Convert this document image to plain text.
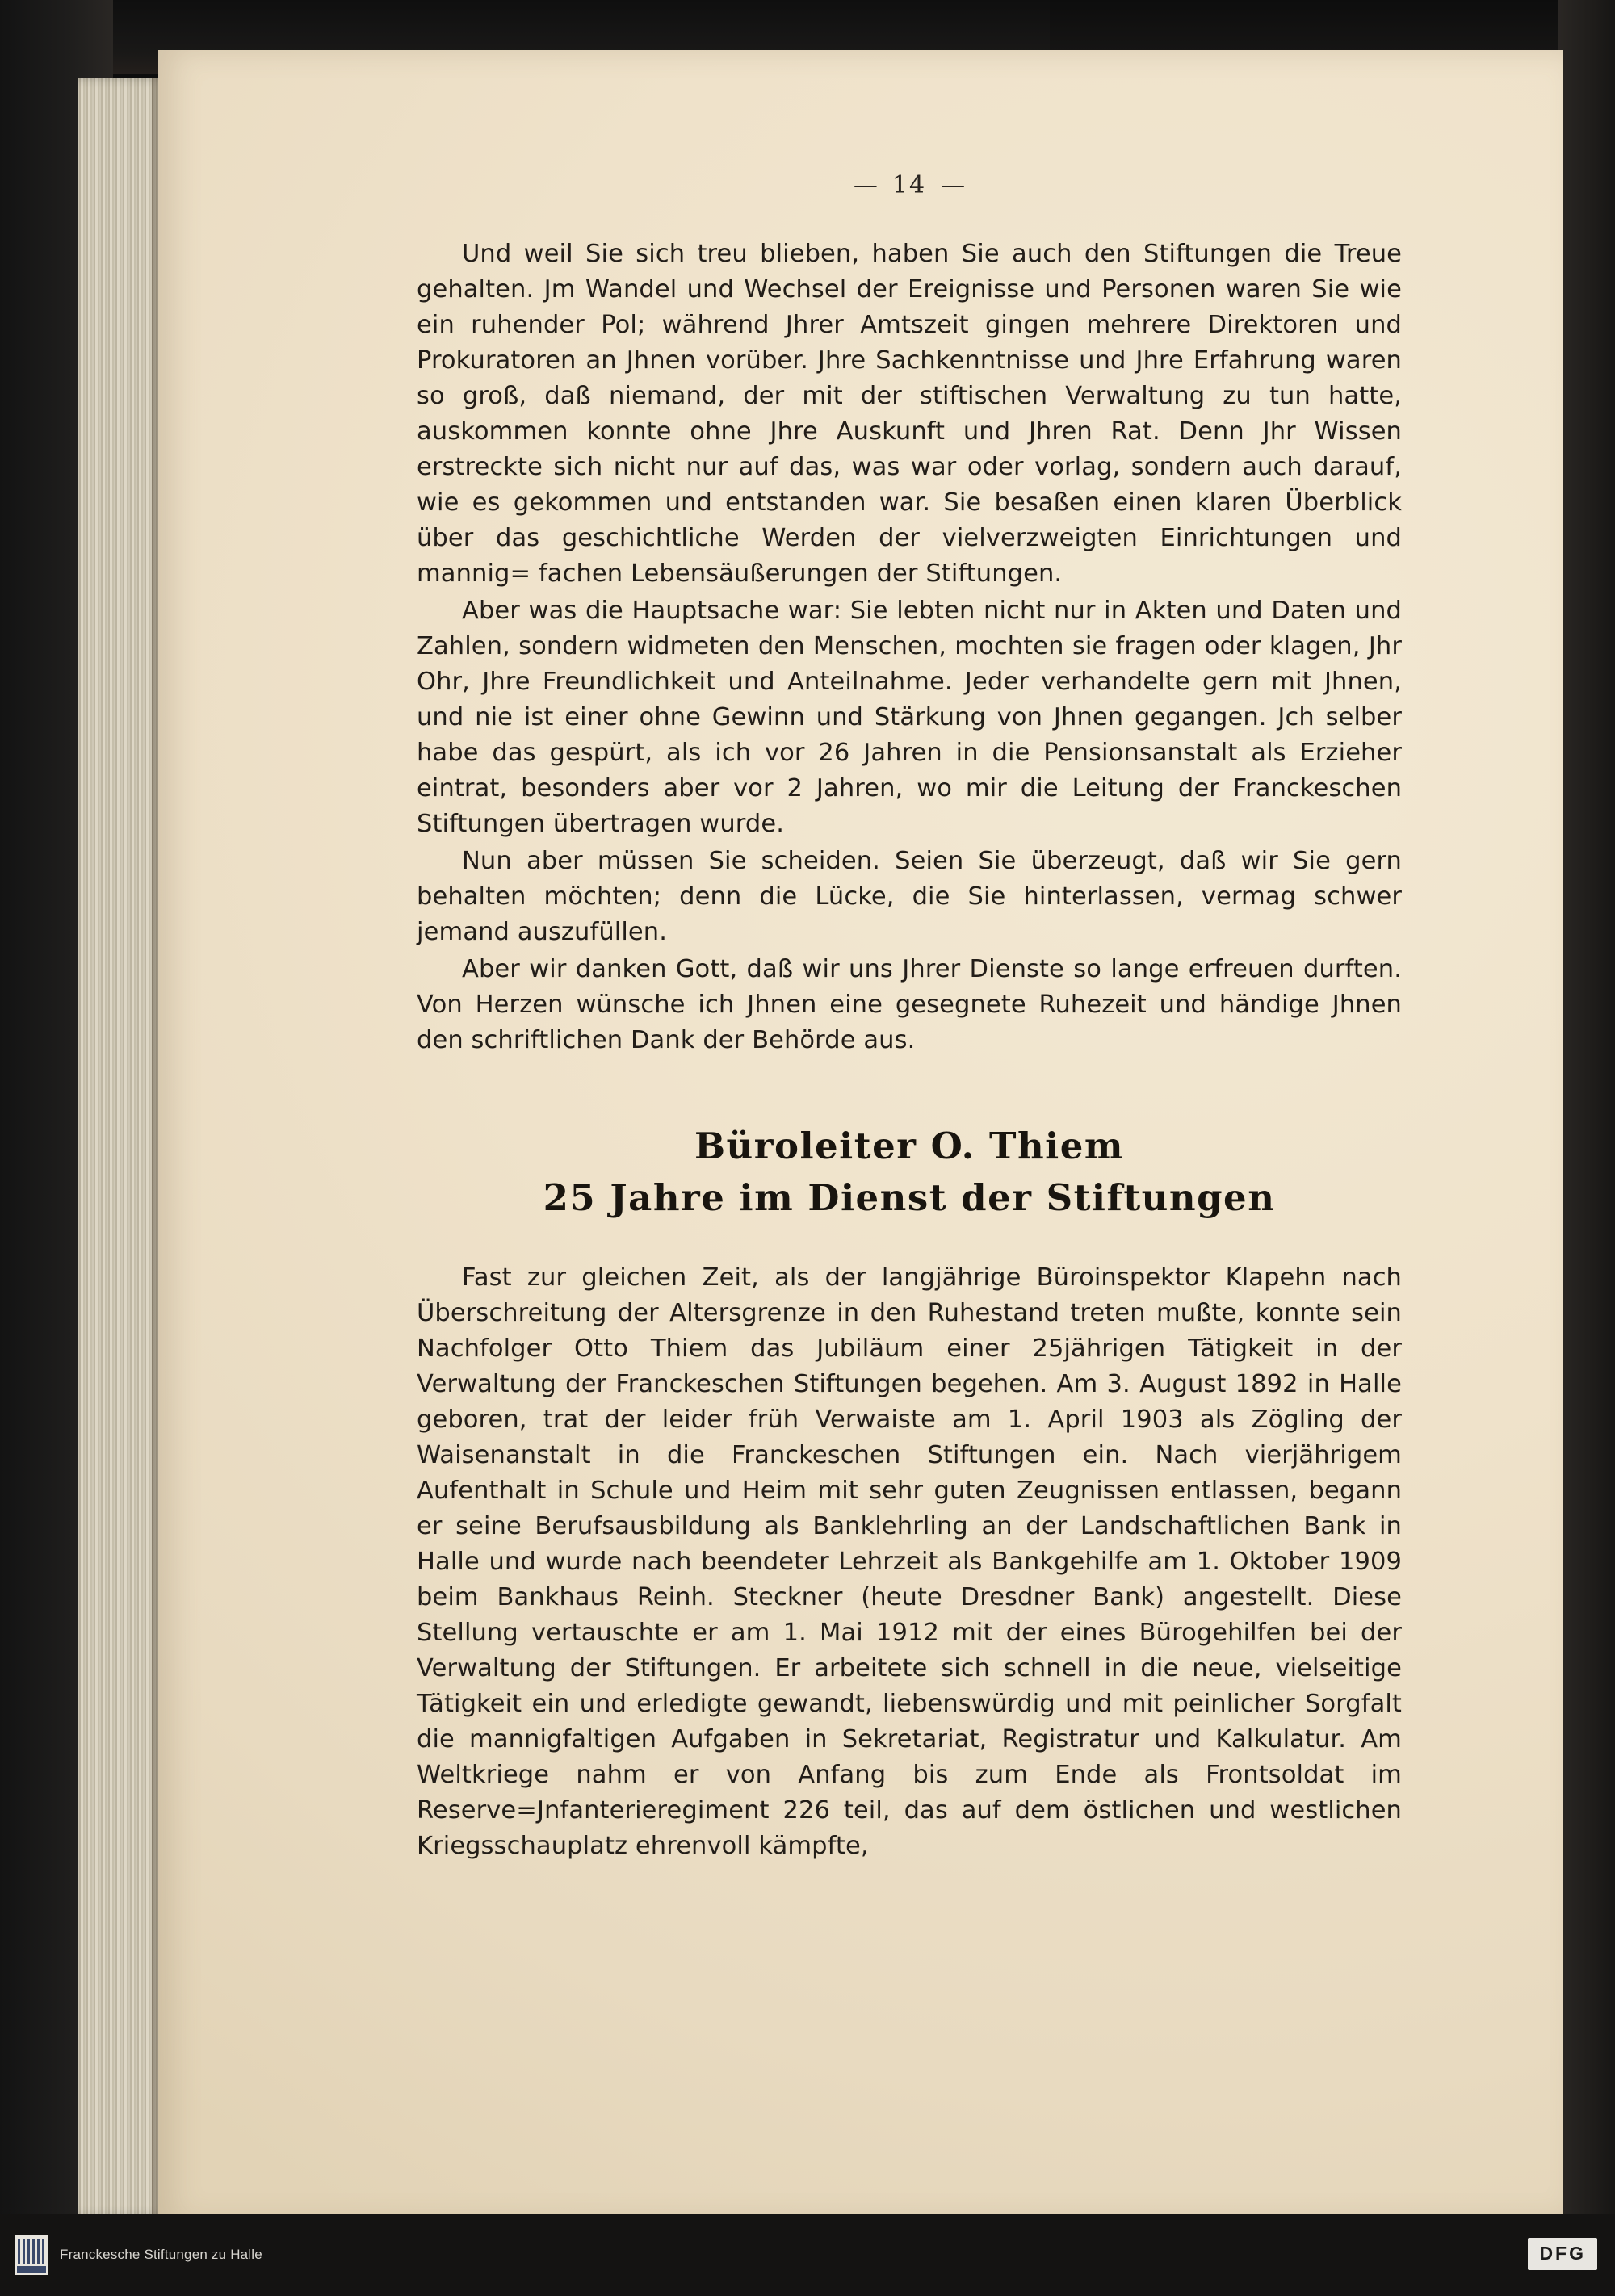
— 14 —

Und weil Sie sich treu blieben, haben Sie auch den Stiftungen die Treue gehalten. Jm Wandel und Wechsel der Ereignisse und Personen waren Sie wie ein ruhender Pol; während Jhrer Amtszeit gingen mehrere Direktoren und Prokuratoren an Jhnen vorüber. Jhre Sachkenntnisse und Jhre Erfahrung waren so groß, daß niemand, der mit der stiftischen Verwaltung zu tun hatte, auskommen konnte ohne Jhre Auskunft und Jhren Rat. Denn Jhr Wissen erstreckte sich nicht nur auf das, was war oder vorlag, sondern auch darauf, wie es gekommen und entstanden war. Sie besaßen einen klaren Überblick über das geschichtliche Werden der vielverzweigten Einrichtungen und mannig= fachen Lebensäußerungen der Stiftungen.

Aber was die Hauptsache war: Sie lebten nicht nur in Akten und Daten und Zahlen, sondern widmeten den Menschen, mochten sie fragen oder klagen, Jhr Ohr, Jhre Freundlichkeit und Anteilnahme. Jeder verhandelte gern mit Jhnen, und nie ist einer ohne Gewinn und Stärkung von Jhnen gegangen. Jch selber habe das gespürt, als ich vor 26 Jahren in die Pensionsanstalt als Erzieher eintrat, besonders aber vor 2 Jahren, wo mir die Leitung der Franckeschen Stiftungen übertragen wurde.

Nun aber müssen Sie scheiden. Seien Sie überzeugt, daß wir Sie gern behalten möchten; denn die Lücke, die Sie hinterlassen, vermag schwer jemand auszufüllen.

Aber wir danken Gott, daß wir uns Jhrer Dienste so lange erfreuen durften. Von Herzen wünsche ich Jhnen eine gesegnete Ruhezeit und händige Jhnen den schriftlichen Dank der Behörde aus.

Büroleiter O. Thiem
25 Jahre im Dienst der Stiftungen

Fast zur gleichen Zeit, als der langjährige Büroinspektor Klapehn nach Überschreitung der Altersgrenze in den Ruhestand treten mußte, konnte sein Nachfolger Otto Thiem das Jubiläum einer 25jährigen Tätigkeit in der Verwaltung der Franckeschen Stiftungen begehen. Am 3. August 1892 in Halle geboren, trat der leider früh Verwaiste am 1. April 1903 als Zögling der Waisenanstalt in die Franckeschen Stiftungen ein. Nach vierjährigem Aufenthalt in Schule und Heim mit sehr guten Zeugnissen entlassen, begann er seine Berufsausbildung als Banklehrling an der Landschaftlichen Bank in Halle und wurde nach beendeter Lehrzeit als Bankgehilfe am 1. Oktober 1909 beim Bankhaus Reinh. Steckner (heute Dresdner Bank) angestellt. Diese Stellung vertauschte er am 1. Mai 1912 mit der eines Bürogehilfen bei der Verwaltung der Stiftungen. Er arbeitete sich schnell in die neue, vielseitige Tätigkeit ein und erledigte gewandt, liebenswürdig und mit peinlicher Sorgfalt die mannigfaltigen Aufgaben in Sekretariat, Registratur und Kalkulatur. Am Weltkriege nahm er von Anfang bis zum Ende als Frontsoldat im Reserve=Jnfanterieregiment 226 teil, das auf dem östlichen und westlichen Kriegsschauplatz ehrenvoll kämpfte,

Franckesche Stiftungen zu Halle	DFG
